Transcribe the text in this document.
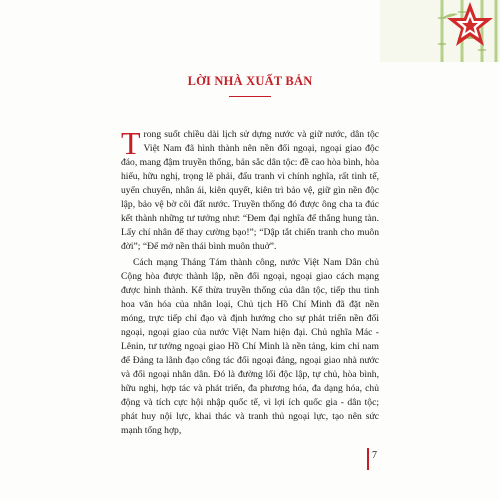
LỜI NHÀ XUẤT BẢN

Trong suốt chiều dài lịch sử dựng nước và giữ nước, dân tộc Việt Nam đã hình thành nên nền đối ngoại, ngoại giao độc đáo, mang đậm truyền thống, bản sắc dân tộc: đề cao hòa bình, hòa hiếu, hữu nghị, trọng lẽ phải, đấu tranh vì chính nghĩa, rất tinh tế, uyển chuyển, nhân ái, kiên quyết, kiên trì bảo vệ, giữ gìn nền độc lập, bảo vệ bờ cõi đất nước. Truyền thống đó được ông cha ta đúc kết thành những tư tưởng như: “Đem đại nghĩa để thắng hung tàn. Lấy chí nhân để thay cường bạo!”; “Dập tắt chiến tranh cho muôn đời”; “Để mở nền thái bình muôn thuở”.

Cách mạng Tháng Tám thành công, nước Việt Nam Dân chủ Cộng hòa được thành lập, nền đối ngoại, ngoại giao cách mạng được hình thành. Kế thừa truyền thống của dân tộc, tiếp thu tinh hoa văn hóa của nhân loại, Chủ tịch Hồ Chí Minh đã đặt nền móng, trực tiếp chỉ đạo và định hướng cho sự phát triển nền đối ngoại, ngoại giao của nước Việt Nam hiện đại. Chủ nghĩa Mác - Lênin, tư tưởng ngoại giao Hồ Chí Minh là nền tảng, kim chỉ nam để Đảng ta lãnh đạo công tác đối ngoại đảng, ngoại giao nhà nước và đối ngoại nhân dân. Đó là đường lối độc lập, tự chủ, hòa bình, hữu nghị, hợp tác và phát triển, đa phương hóa, đa dạng hóa, chủ động và tích cực hội nhập quốc tế, vì lợi ích quốc gia - dân tộc; phát huy nội lực, khai thác và tranh thủ ngoại lực, tạo nên sức mạnh tổng hợp,

7
